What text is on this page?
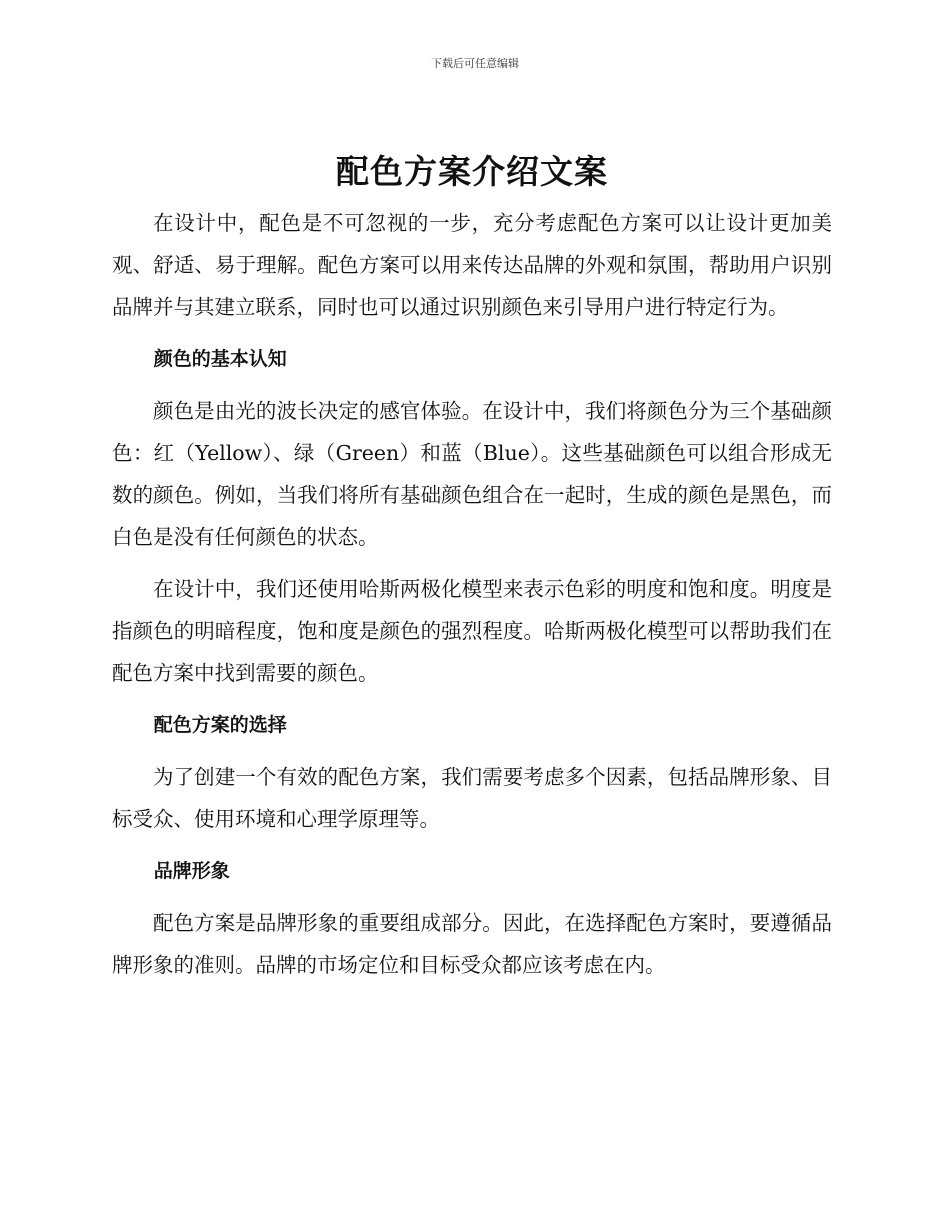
下载后可任意编辑
配色方案介绍文案

在设计中，配色是不可忽视的一步，充分考虑配色方案可以让设计更加美观、舒适、易于理解。配色方案可以用来传达品牌的外观和氛围，帮助用户识别品牌并与其建立联系，同时也可以通过识别颜色来引导用户进行特定行为。

颜色的基本认知

颜色是由光的波长决定的感官体验。在设计中，我们将颜色分为三个基础颜色：红（Yellow）、绿（Green）和蓝（Blue）。这些基础颜色可以组合形成无数的颜色。例如，当我们将所有基础颜色组合在一起时，生成的颜色是黑色，而白色是没有任何颜色的状态。

在设计中，我们还使用哈斯两极化模型来表示色彩的明度和饱和度。明度是指颜色的明暗程度，饱和度是颜色的强烈程度。哈斯两极化模型可以帮助我们在配色方案中找到需要的颜色。

配色方案的选择

为了创建一个有效的配色方案，我们需要考虑多个因素，包括品牌形象、目标受众、使用环境和心理学原理等。

品牌形象

配色方案是品牌形象的重要组成部分。因此，在选择配色方案时，要遵循品牌形象的准则。品牌的市场定位和目标受众都应该考虑在内。
